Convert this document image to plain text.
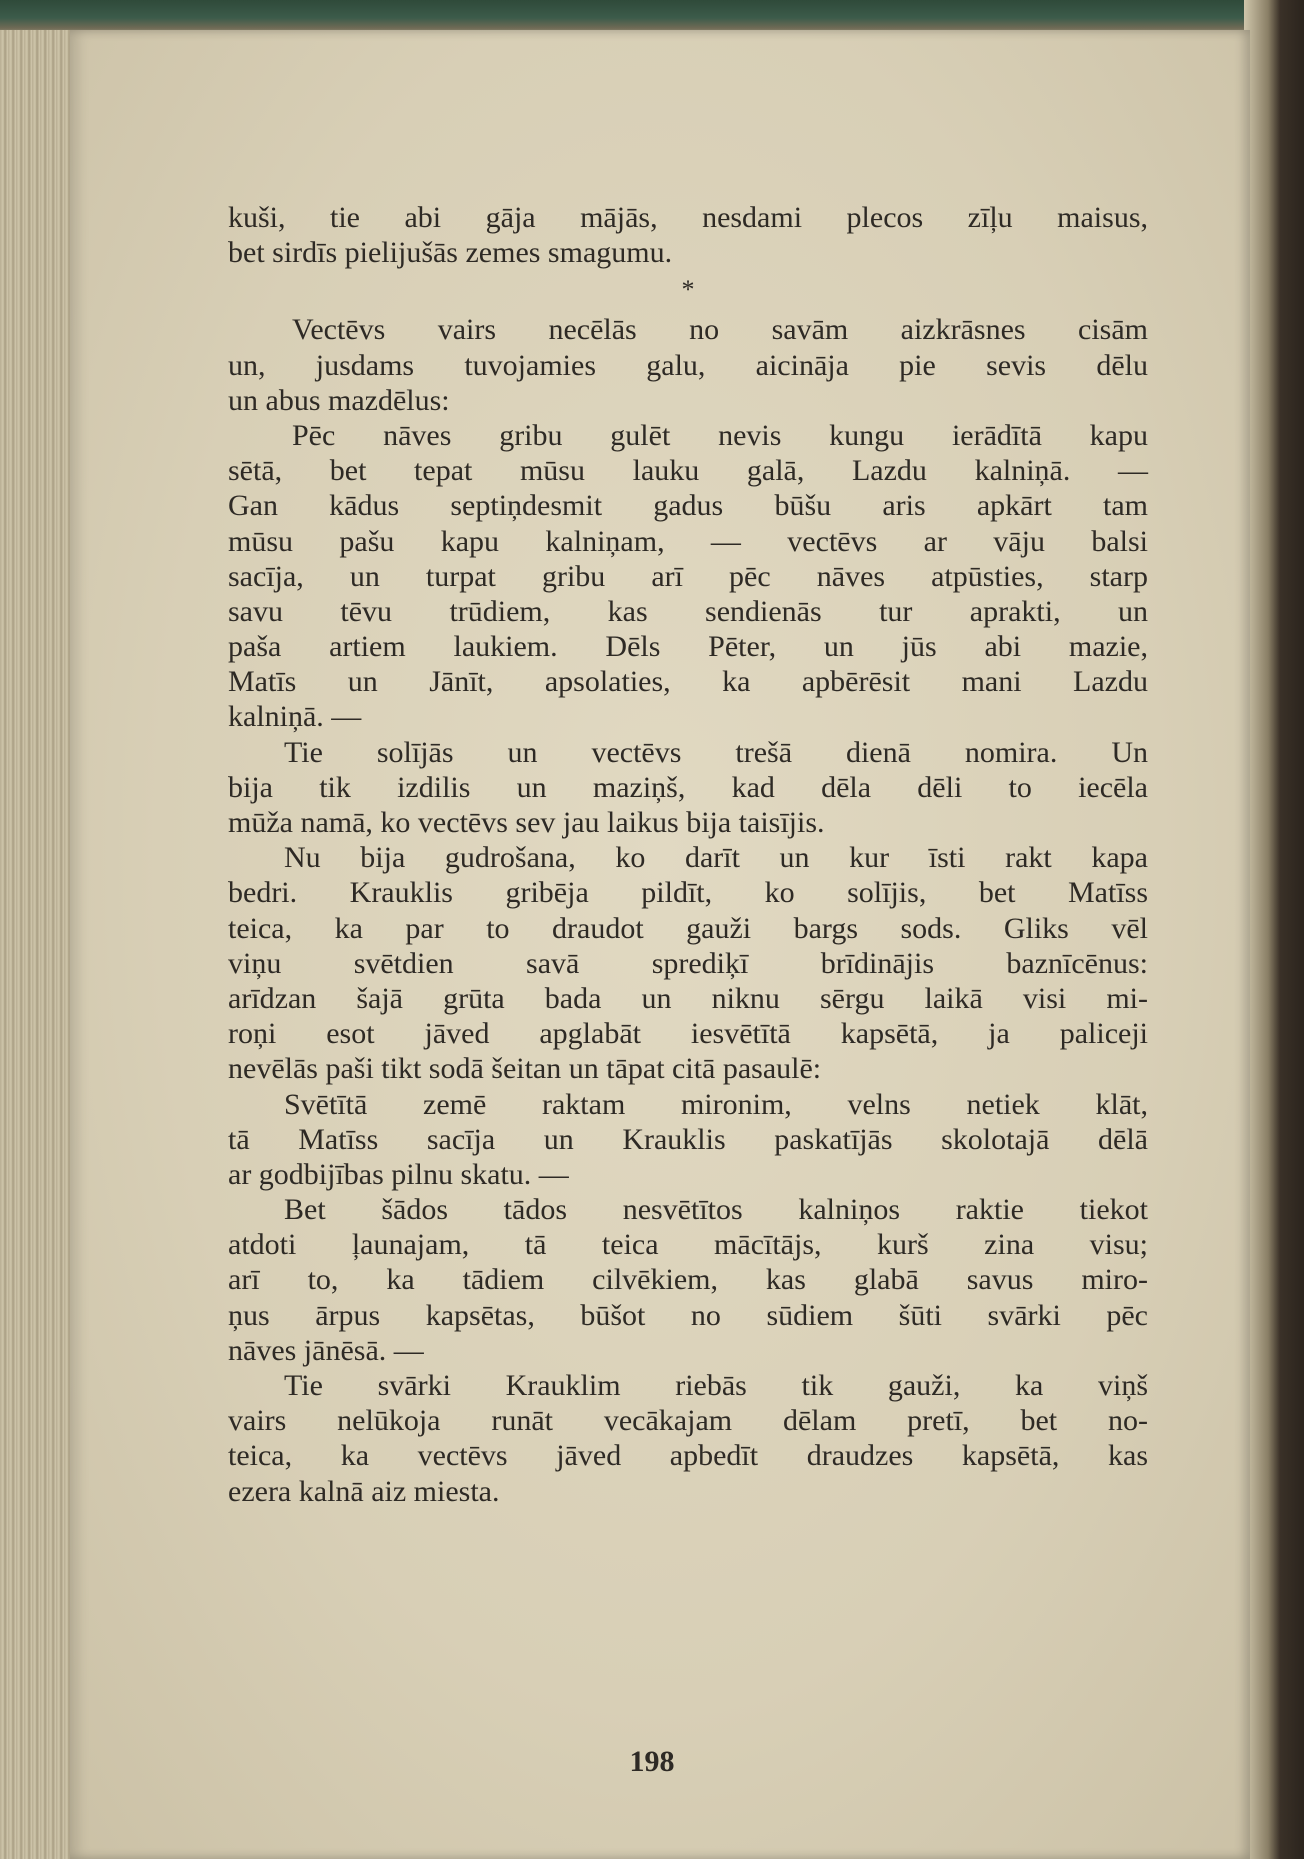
kuši, tie abi gāja mājās, nesdami plecos zīļu maisus,
bet sirdīs pielijušās zemes smagumu.
*
Vectēvs vairs necēlās no savām aizkrāsnes cisām
un, jusdams tuvojamies galu, aicināja pie sevis dēlu
un abus mazdēlus:
Pēc nāves gribu gulēt nevis kungu ierādītā kapu
sētā, bet tepat mūsu lauku galā, Lazdu kalniņā. —
Gan kādus septiņdesmit gadus būšu aris apkārt tam
mūsu pašu kapu kalniņam, — vectēvs ar vāju balsi
sacīja, un turpat gribu arī pēc nāves atpūsties, starp
savu tēvu trūdiem, kas sendienās tur aprakti, un
paša artiem laukiem. Dēls Pēter, un jūs abi mazie,
Matīs un Jānīt, apsolaties, ka apbērēsit mani Lazdu
kalniņā. —
Tie solījās un vectēvs trešā dienā nomira. Un
bija tik izdilis un maziņš, kad dēla dēli to iecēla
mūža namā, ko vectēvs sev jau laikus bija taisījis.
Nu bija gudrošana, ko darīt un kur īsti rakt kapa
bedri. Krauklis gribēja pildīt, ko solījis, bet Matīss
teica, ka par to draudot gauži bargs sods. Gliks vēl
viņu svētdien savā sprediķī brīdinājis baznīcēnus:
arīdzan šajā grūta bada un niknu sērgu laikā visi mi-
roņi esot jāved apglabāt iesvētītā kapsētā, ja paliceji
nevēlās paši tikt sodā šeitan un tāpat citā pasaulē:
Svētītā zemē raktam mironim, velns netiek klāt,
tā Matīss sacīja un Krauklis paskatījās skolotajā dēlā
ar godbijības pilnu skatu. —
Bet šādos tādos nesvētītos kalniņos raktie tiekot
atdoti ļaunajam, tā teica mācītājs, kurš zina visu;
arī to, ka tādiem cilvēkiem, kas glabā savus miro-
ņus ārpus kapsētas, būšot no sūdiem šūti svārki pēc
nāves jānēsā. —
Tie svārki Krauklim riebās tik gauži, ka viņš
vairs nelūkoja runāt vecākajam dēlam pretī, bet no-
teica, ka vectēvs jāved apbedīt draudzes kapsētā, kas
ezera kalnā aiz miesta.
198
